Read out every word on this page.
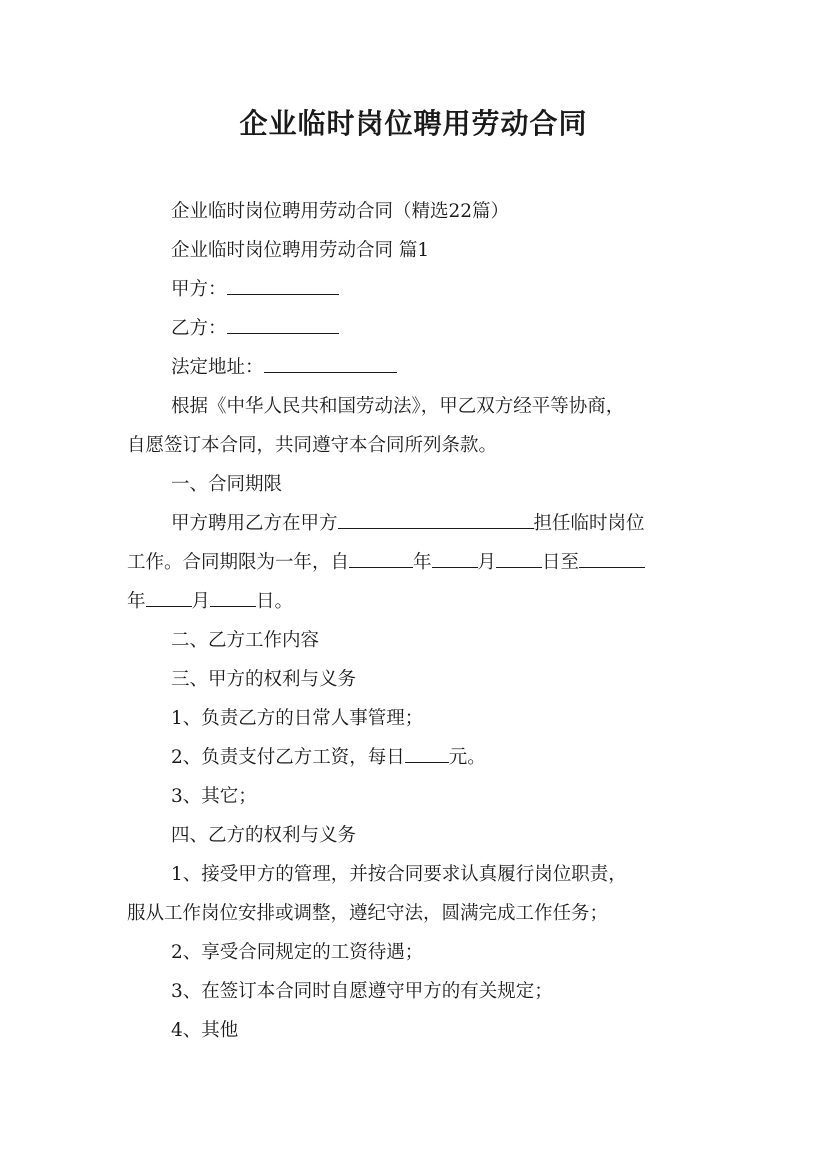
企业临时岗位聘用劳动合同
企业临时岗位聘用劳动合同（精选22篇）
企业临时岗位聘用劳动合同 篇1
甲方：
乙方：
法定地址：
根据《中华人民共和国劳动法》，甲乙双方经平等协商，
自愿签订本合同，共同遵守本合同所列条款。
一、合同期限
甲方聘用乙方在甲方	担任临时岗位
工作。合同期限为一年，自	年 月 日至
年 月 日。
二、乙方工作内容
三、甲方的权利与义务
1、负责乙方的日常人事管理；
2、负责支付乙方工资，每日 元。
3、其它；
四、乙方的权利与义务
1、接受甲方的管理，并按合同要求认真履行岗位职责，
服从工作岗位安排或调整，遵纪守法，圆满完成工作任务；
2、享受合同规定的工资待遇；
3、在签订本合同时自愿遵守甲方的有关规定；
4、其他
